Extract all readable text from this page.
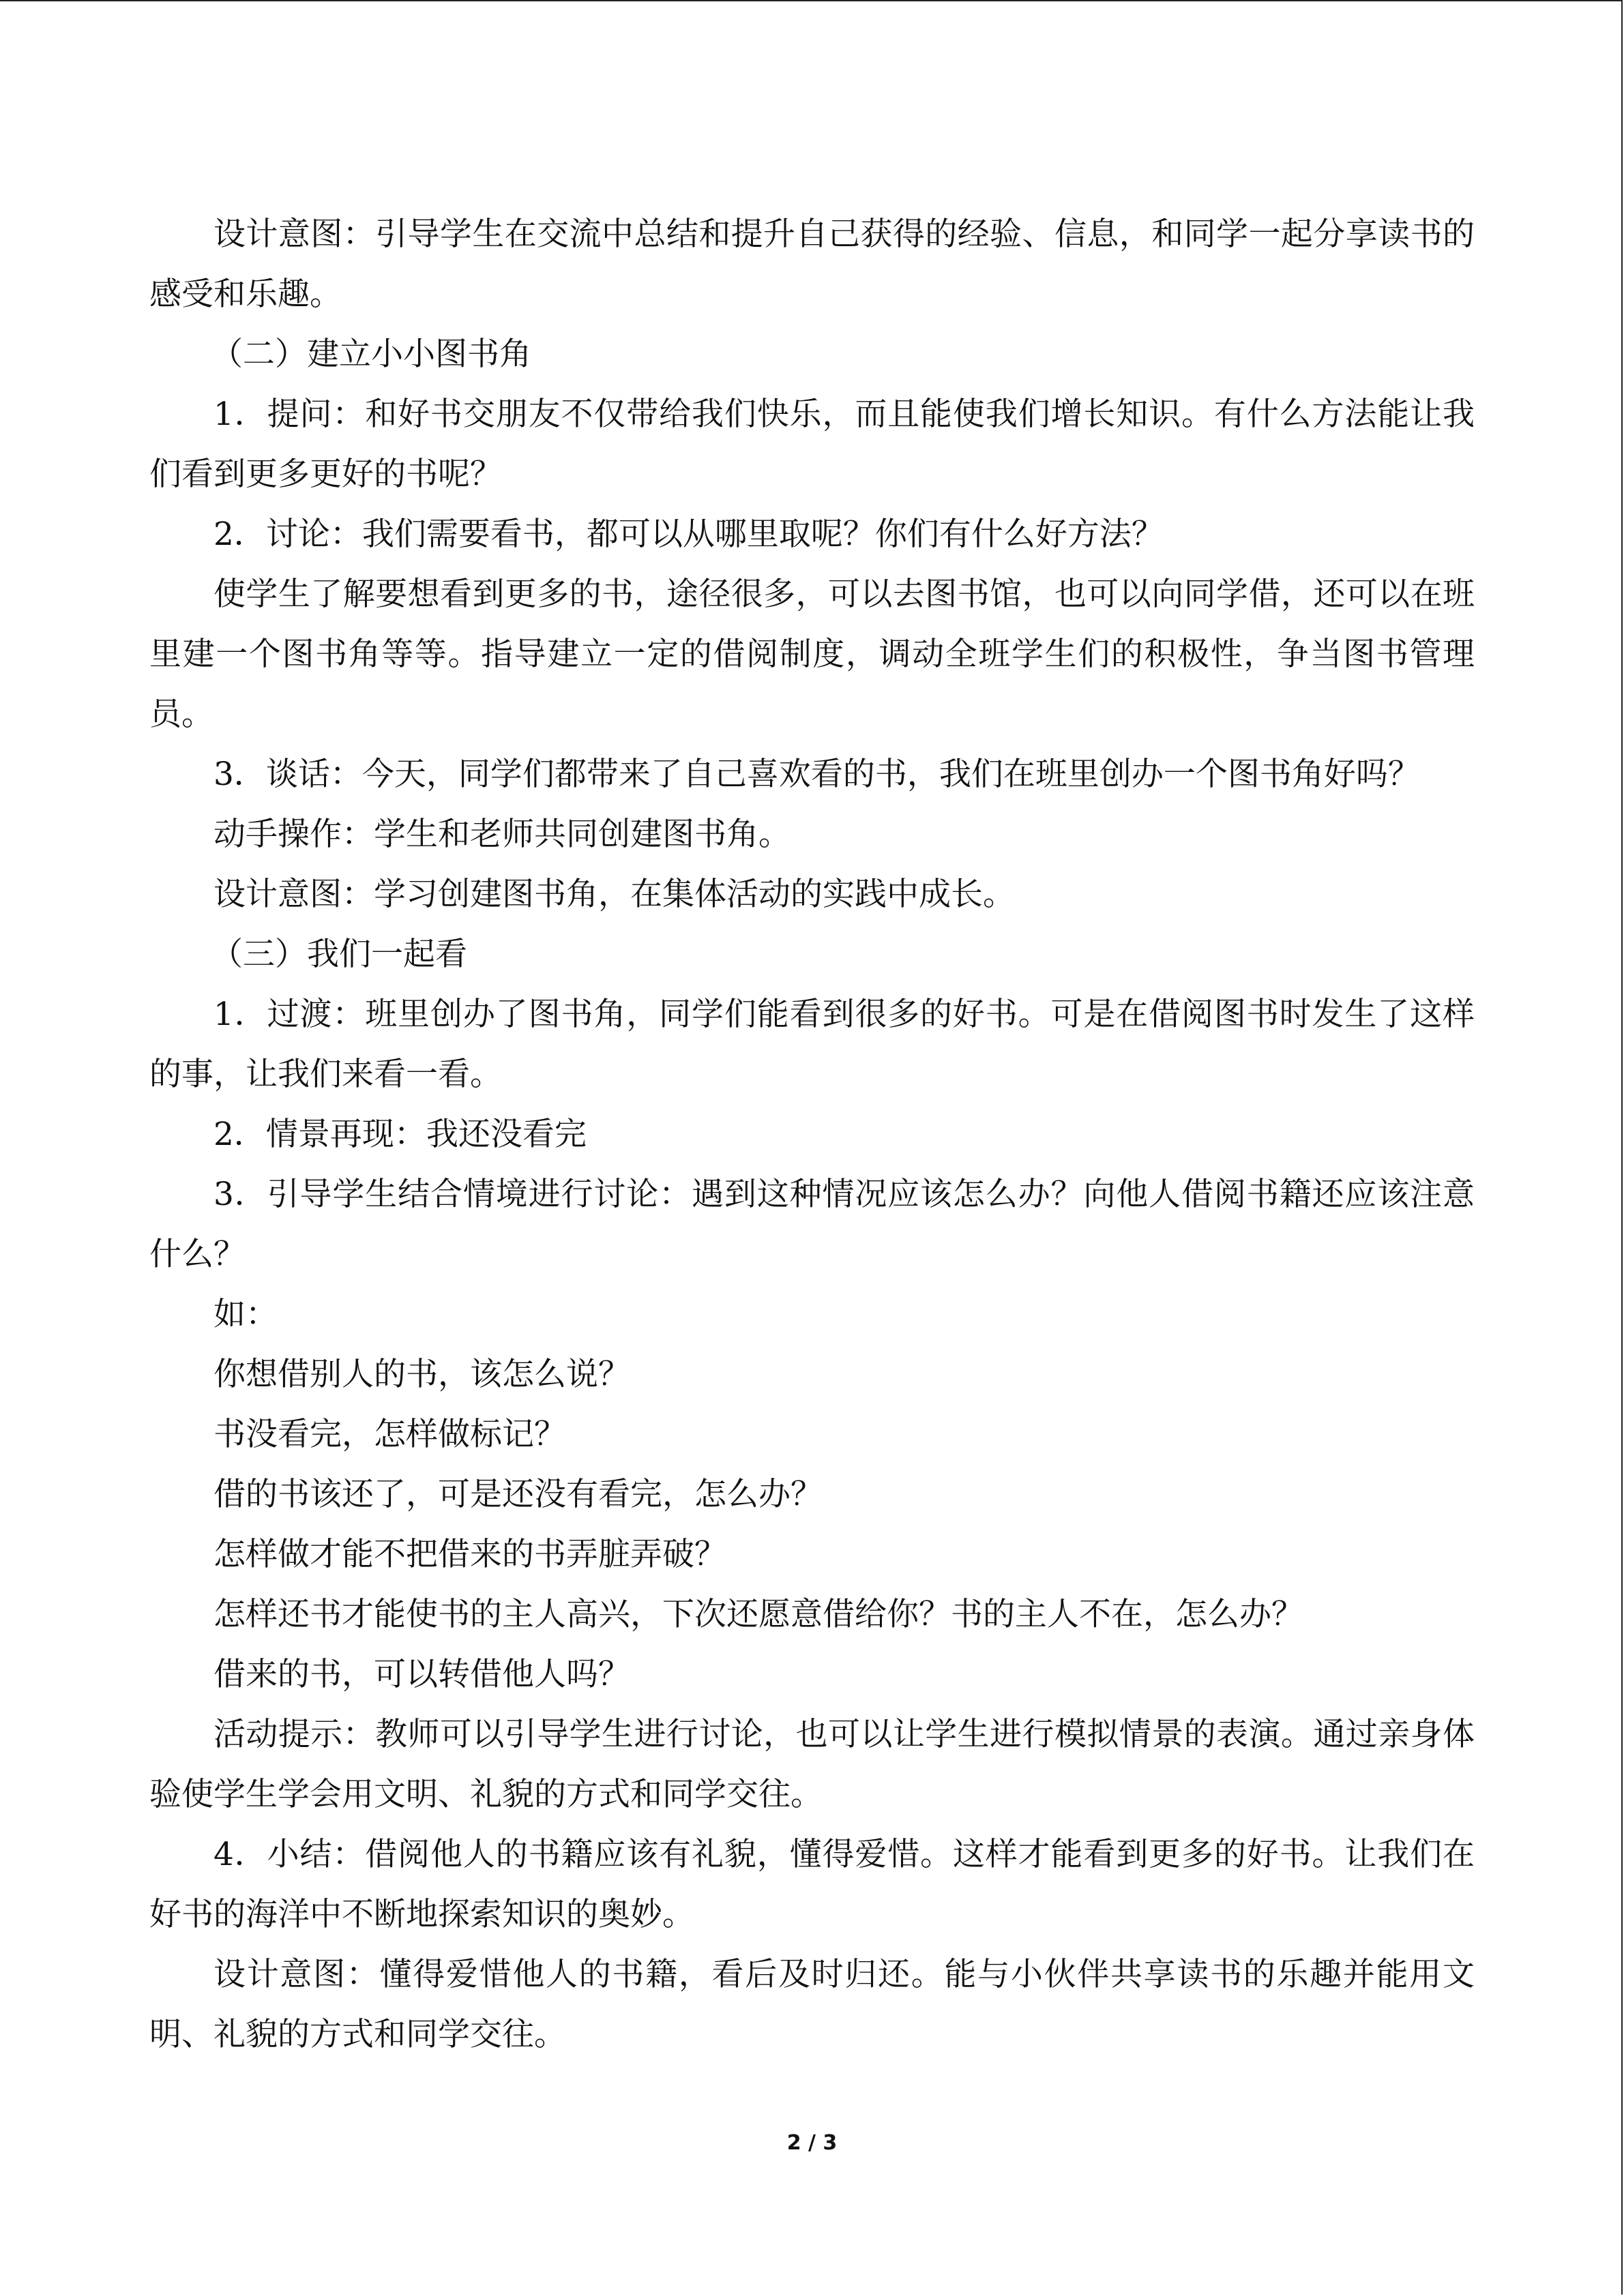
设计意图：引导学生在交流中总结和提升自己获得的经验、信息，和同学一起分享读书的感受和乐趣。

（二）建立小小图书角

1．提问：和好书交朋友不仅带给我们快乐，而且能使我们增长知识。有什么方法能让我们看到更多更好的书呢？

2．讨论：我们需要看书，都可以从哪里取呢？你们有什么好方法？

使学生了解要想看到更多的书，途径很多，可以去图书馆，也可以向同学借，还可以在班里建一个图书角等等。指导建立一定的借阅制度，调动全班学生们的积极性，争当图书管理员。

3．谈话：今天，同学们都带来了自己喜欢看的书，我们在班里创办一个图书角好吗？

动手操作：学生和老师共同创建图书角。

设计意图：学习创建图书角，在集体活动的实践中成长。

（三）我们一起看

1．过渡：班里创办了图书角，同学们能看到很多的好书。可是在借阅图书时发生了这样的事，让我们来看一看。

2．情景再现：我还没看完

3．引导学生结合情境进行讨论：遇到这种情况应该怎么办？向他人借阅书籍还应该注意什么？

如：

你想借别人的书，该怎么说？

书没看完，怎样做标记？

借的书该还了，可是还没有看完，怎么办？

怎样做才能不把借来的书弄脏弄破？

怎样还书才能使书的主人高兴，下次还愿意借给你？书的主人不在，怎么办？

借来的书，可以转借他人吗？

活动提示：教师可以引导学生进行讨论，也可以让学生进行模拟情景的表演。通过亲身体验使学生学会用文明、礼貌的方式和同学交往。

4．小结：借阅他人的书籍应该有礼貌，懂得爱惜。这样才能看到更多的好书。让我们在好书的海洋中不断地探索知识的奥妙。

设计意图：懂得爱惜他人的书籍，看后及时归还。能与小伙伴共享读书的乐趣并能用文明、礼貌的方式和同学交往。

2 / 3
